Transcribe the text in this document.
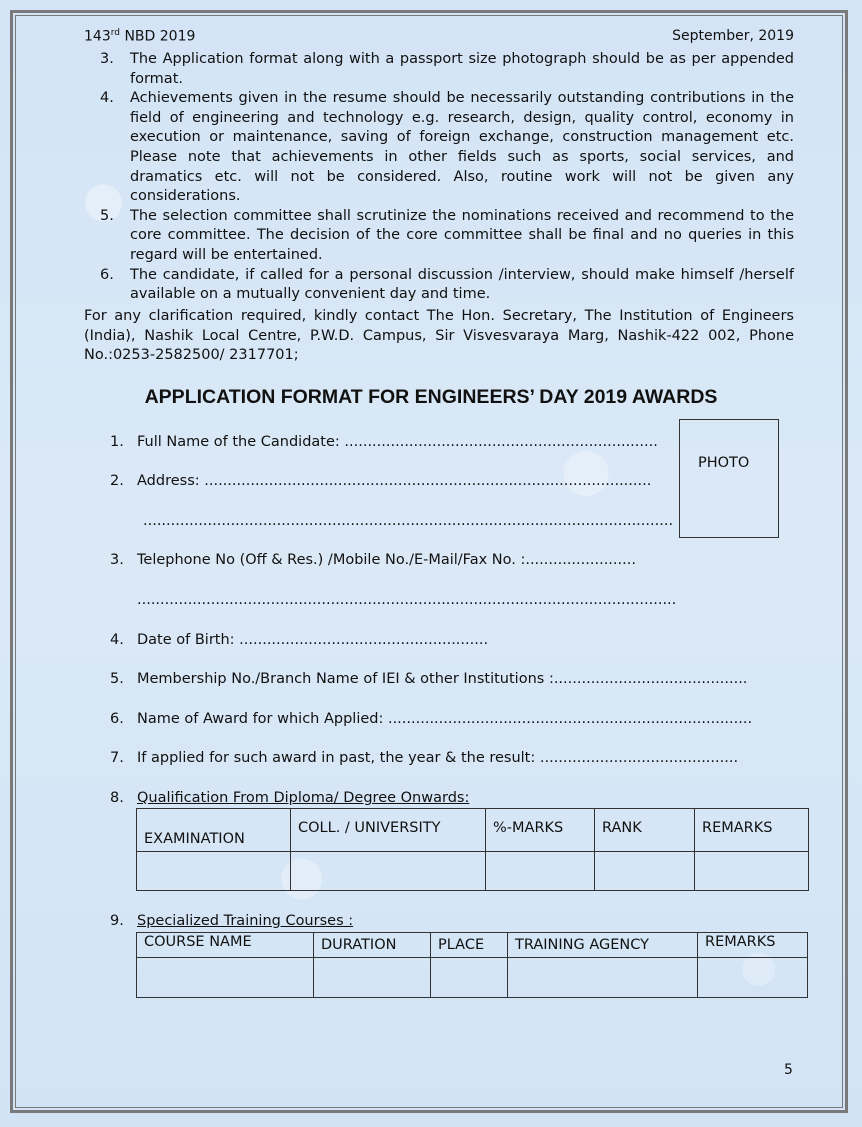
143rd NBD 2019	September, 2019
3.	The Application format along with a passport size photograph should be as per appended format.
4.	Achievements given in the resume should be necessarily outstanding contributions in the field of engineering and technology e.g. research, design, quality control, economy in execution or maintenance, saving of foreign exchange, construction management etc. Please note that achievements in other fields such as sports, social services, and dramatics etc. will not be considered. Also, routine work will not be given any considerations.
5.	The selection committee shall scrutinize the nominations received and recommend to the core committee. The decision of the core committee shall be final and no queries in this regard will be entertained.
6.	The candidate, if called for a personal discussion /interview, should make himself /herself available on a mutually convenient day and time.
For any clarification required, kindly contact The Hon. Secretary, The Institution of Engineers (India), Nashik Local Centre, P.W.D. Campus, Sir Visvesvaraya Marg, Nashik-422 002, Phone No.:0253-2582500/ 2317701;
APPLICATION FORMAT FOR ENGINEERS’ DAY 2019 AWARDS
PHOTO
1. Full Name of the Candidate: ....................................................................
2. Address: .................................................................................................
...................................................................................................................
3. Telephone No (Off & Res.) /Mobile No./E-Mail/Fax No. :........................
.....................................................................................................................
4. Date of Birth: ......................................................
5. Membership No./Branch Name of IEI & other Institutions :..........................................
6. Name of Award for which Applied: ...............................................................................
7. If applied for such award in past, the year & the result: ...........................................
8. Qualification From Diploma/ Degree Onwards:
EXAMINATION	COLL. / UNIVERSITY	%-MARKS	RANK	REMARKS

9. Specialized Training Courses :
COURSE NAME	DURATION	PLACE	TRAINING AGENCY	REMARKS

5
